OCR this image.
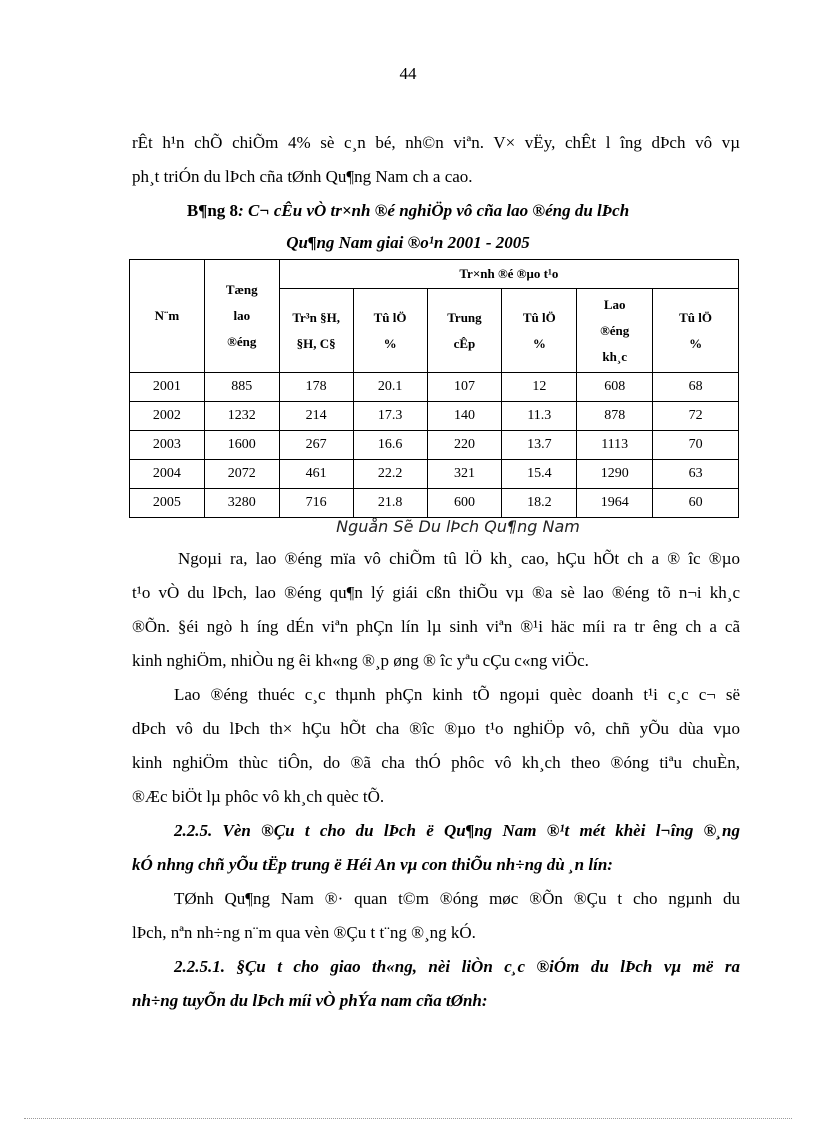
44
rÊt h¹n chÕ chiÕm 4% sè c¸n bé, nh©n viªn. V× vËy, chÊt l îng dÞch vô vµ
ph¸t triÓn du lÞch cña tØnh Qu¶ng Nam ch a cao.
B¶ng 8: C¬ cÊu vÒ tr×nh ®é nghiÖp vô cña lao ®éng du lÞch
Qu¶ng Nam giai ®o¹n 2001 - 2005
N¨m	Tæng lao ®éng	Tr×nh ®é ®µo t¹o					

		Tr³n §H, §H, C§	Tû lÖ %	Trung cÊp	Tû lÖ %	Lao ®éng kh¸c	Tû lÖ %

2001	885	178	20.1	107	12	608	68
2002	1232	214	17.3	140	11.3	878	72
2003	1600	267	16.6	220	13.7	1113	70
2004	2072	461	22.2	321	15.4	1290	63
2005	3280	716	21.8	600	18.2	1964	60
Nguån Sẽ Du lÞch Qu¶ng Nam
Ngoµi ra, lao ®éng mïa vô chiÕm tû lÖ kh¸ cao, hÇu hÕt ch a ® îc ®µo
t¹o vÒ du lÞch, lao ®éng qu¶n lý giái cßn thiÕu vµ ®a sè lao ®éng tõ n¬i kh¸c
®Õn. §éi ngò h íng dÉn viªn phÇn lín lµ sinh viªn ®¹i häc míi ra tr êng ch a cã
kinh nghiÖm, nhiÒu ng êi kh«ng ®¸p øng ® îc yªu cÇu c«ng viÖc.
Lao ®éng thuéc c¸c thµnh phÇn kinh tÕ ngoµi quèc doanh t¹i c¸c c¬ së
dÞch vô du lÞch th× hÇu hÕt cha ®îc ®µo t¹o nghiÖp vô, chñ yÕu dùa vµo
kinh nghiÖm thùc tiÔn, do ®ã cha thÓ phôc vô kh¸ch theo ®óng tiªu chuÈn,
®Æc biÖt lµ phôc vô kh¸ch quèc tÕ.
2.2.5. Vèn ®Çu t cho du lÞch ë Qu¶ng Nam ®¹t mét khèi l¬îng ®¸ng
kÓ nhng chñ yÕu tËp trung ë Héi An vµ con thiÕu nh÷ng dù ¸n lín:
TØnh Qu¶ng Nam ®· quan t©m ®óng møc ®Õn ®Çu t cho ngµnh du
lÞch, nªn nh÷ng n¨m qua vèn ®Çu t t¨ng ®¸ng kÓ.
2.2.5.1. §Çu t cho giao th«ng, nèi liÒn c¸c ®iÓm du lÞch vµ më ra
nh÷ng tuyÕn du lÞch míi vÒ phÝa nam cña tØnh:
